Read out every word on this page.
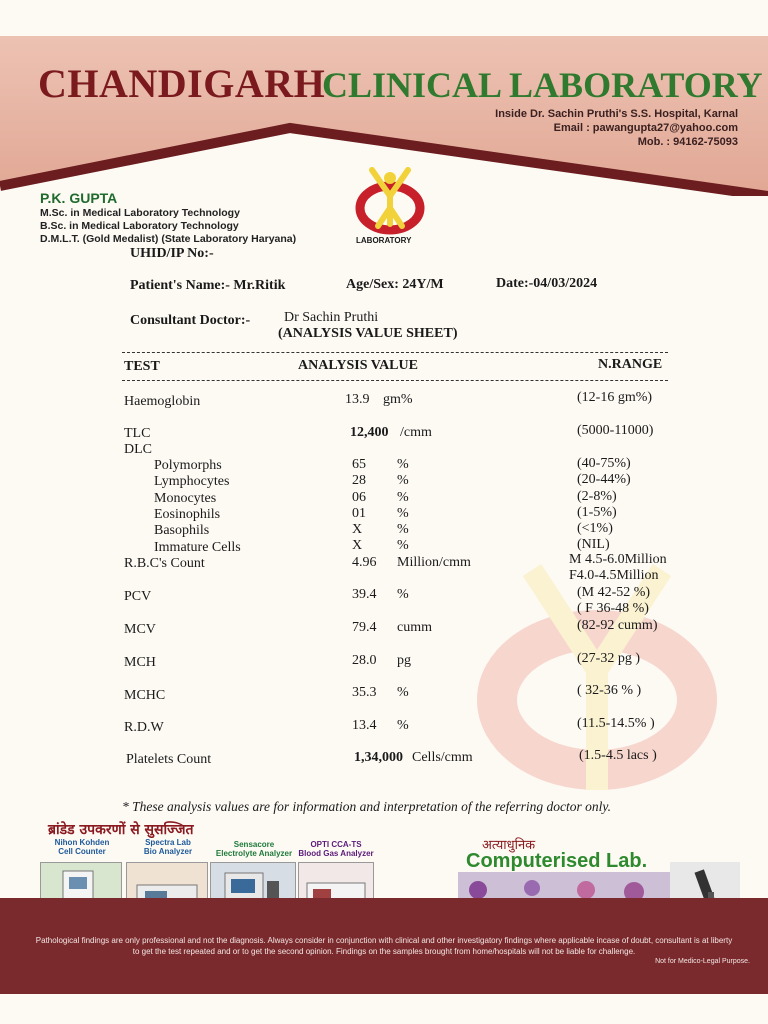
CHANDIGARH
CLINICAL LABORATORY
Inside Dr. Sachin Pruthi's S.S. Hospital, Karnal
Email : pawangupta27@yahoo.com
Mob. : 94162-75093
P.K. GUPTA
M.Sc. in Medical Laboratory Technology
B.Sc. in Medical Laboratory Technology
D.M.L.T. (Gold Medalist) (State Laboratory Haryana)	LABORATORY
UHID/IP No:-
Patient's Name:- Mr.Ritik	Age/Sex: 24Y/M	Date:-04/03/2024
Consultant Doctor:- Dr Sachin Pruthi
(ANALYSIS VALUE SHEET)
TEST	ANALYSIS VALUE	N.RANGE
Haemoglobin	13.9 gm%	(12-16 gm%)
TLC	12,400 /cmm	(5000-11000)
DLC
Polymorphs	65 %	(40-75%)
Lymphocytes	28 %	(20-44%)
Monocytes	06 %	(2-8%)
Eosinophils	01 %	(1-5%)
Basophils	X %	(<1%)
Immature Cells	X %	(NIL)
R.B.C's Count	4.96 Million/cmm	M 4.5-6.0Million
F4.0-4.5Million
PCV	39.4 %	(M 42-52 %)
( F 36-48 %)
MCV	79.4 cumm	(82-92 cumm)
MCH	28.0 pg	(27-32 pg )
MCHC	35.3 %	( 32-36 % )
R.D.W	13.4 %	(11.5-14.5% )
Platelets Count	1,34,000 Cells/cmm	(1.5-4.5 lacs )
* These analysis values are for information and interpretation of the referring doctor only.
ब्रांडेड उपकरणों से सुसज्जित
Nihon Kohden
Cell Counter
Spectra Lab
Bio Analyzer
Sensacore
Electrolyte Analyzer
OPTI CCA-TS
Blood Gas Analyzer
अत्याधुनिक
Computerised Lab.
Pathological findings are only professional and not the diagnosis. Always consider in conjunction with clinical and other investigatory findings where applicable incase of doubt, consultant is at liberty
to get the test repeated and or to get the second opinion. Findings on the samples brought from home/hospitals will not be liable for challenge.
Not for Medico-Legal Purpose.
